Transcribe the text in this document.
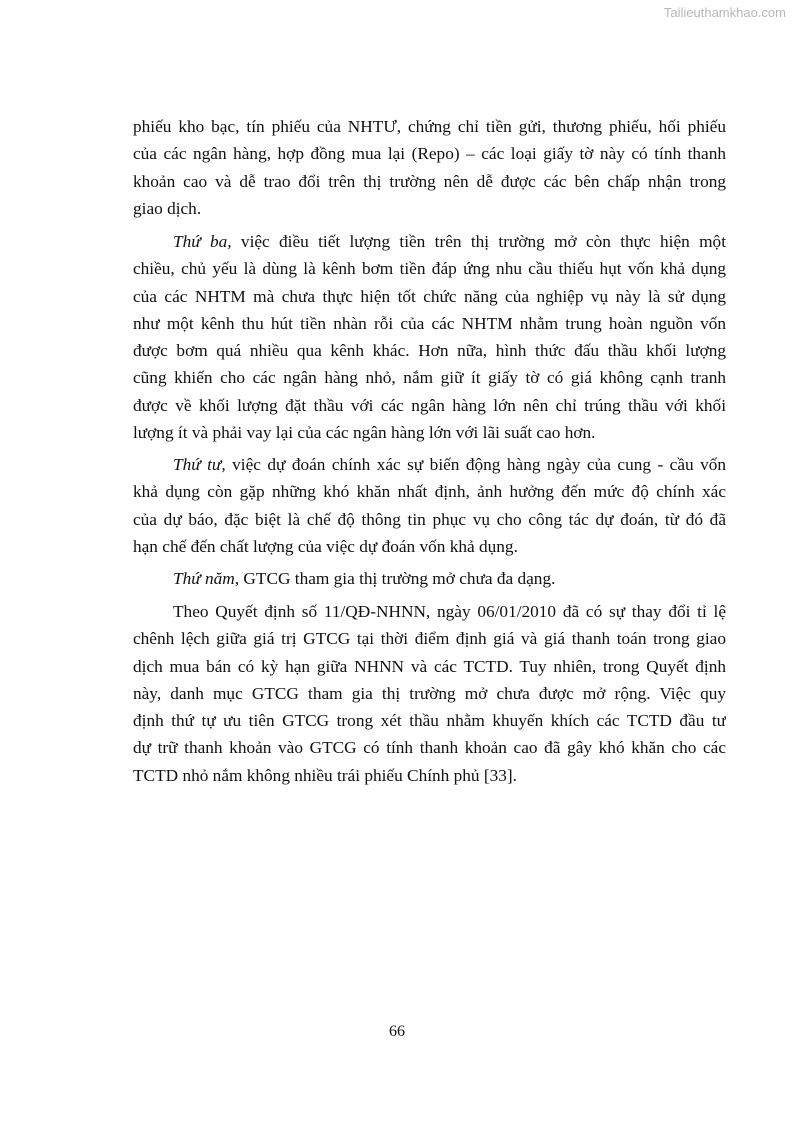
Tailieuthamkhao.com
phiếu kho bạc, tín phiếu của NHTƯ, chứng chỉ tiền gửi, thương phiếu, hối phiếu
của các ngân hàng, hợp đồng mua lại (Repo) – các loại giấy tờ này có tính thanh
khoản cao và dễ trao đổi trên thị trường nên dễ được các bên chấp nhận trong
giao dịch.
Thứ ba, việc điều tiết lượng tiền trên thị trường mở còn thực hiện một
chiều, chủ yếu là dùng là kênh bơm tiền đáp ứng nhu cầu thiếu hụt vốn khả dụng
của các NHTM mà chưa thực hiện tốt chức năng của nghiệp vụ này là sử dụng
như một kênh thu hút tiền nhàn rỗi của các NHTM nhằm trung hoàn nguồn vốn
được bơm quá nhiều qua kênh khác. Hơn nữa, hình thức đấu thầu khối lượng
cũng khiến cho các ngân hàng nhỏ, nắm giữ ít giấy tờ có giá không cạnh tranh
được về khối lượng đặt thầu với các ngân hàng lớn nên chỉ trúng thầu với khối
lượng ít và phải vay lại của các ngân hàng lớn với lãi suất cao hơn.
Thứ tư, việc dự đoán chính xác sự biến động hàng ngày của cung - cầu vốn
khả dụng còn gặp những khó khăn nhất định, ảnh hưởng đến mức độ chính xác
của dự báo, đặc biệt là chế độ thông tin phục vụ cho công tác dự đoán, từ đó đã
hạn chế đến chất lượng của việc dự đoán vốn khả dụng.
Thứ năm, GTCG tham gia thị trường mở chưa đa dạng.
Theo Quyết định số 11/QĐ-NHNN, ngày 06/01/2010 đã có sự thay đổi tỉ lệ
chênh lệch giữa giá trị GTCG tại thời điểm định giá và giá thanh toán trong giao
dịch mua bán có kỳ hạn giữa NHNN và các TCTD. Tuy nhiên, trong Quyết định
này, danh mục GTCG tham gia thị trường mở chưa được mở rộng. Việc quy
định thứ tự ưu tiên GTCG trong xét thầu nhằm khuyến khích các TCTD đầu tư
dự trữ thanh khoản vào GTCG có tính thanh khoản cao đã gây khó khăn cho các
TCTD nhỏ nắm không nhiều trái phiếu Chính phủ [33].
66
